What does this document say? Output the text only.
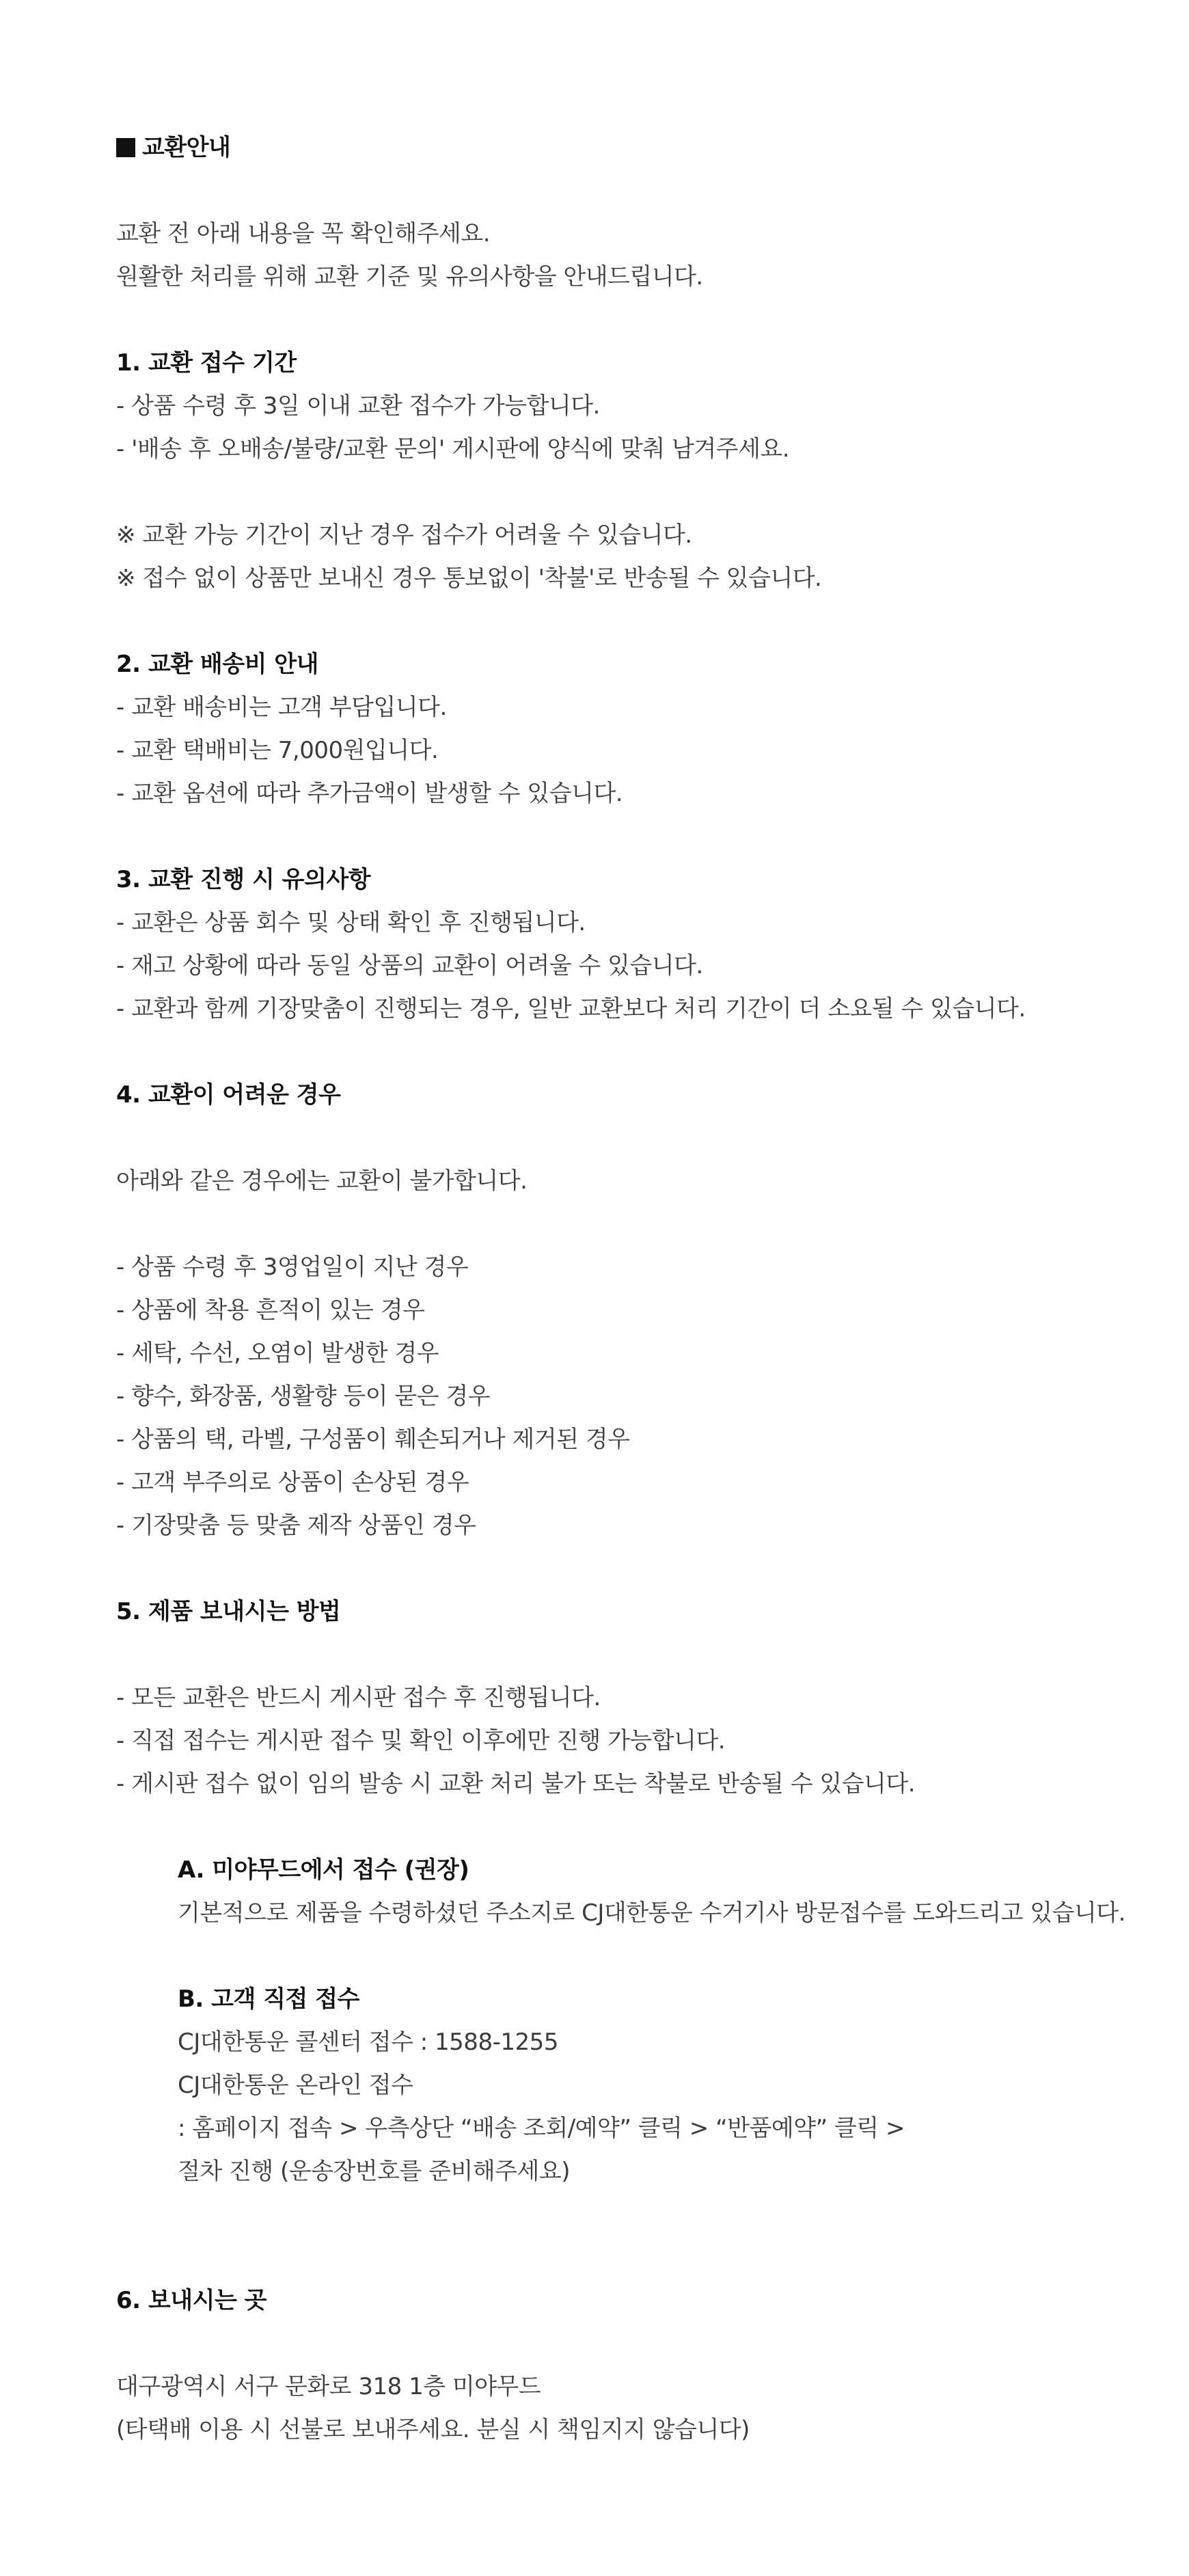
교환안내
교환 전 아래 내용을 꼭 확인해주세요.
원활한 처리를 위해 교환 기준 및 유의사항을 안내드립니다.
1. 교환 접수 기간
- 상품 수령 후 3일 이내 교환 접수가 가능합니다.
- '배송 후 오배송/불량/교환 문의' 게시판에 양식에 맞춰 남겨주세요.
※ 교환 가능 기간이 지난 경우 접수가 어려울 수 있습니다.
※ 접수 없이 상품만 보내신 경우 통보없이 '착불'로 반송될 수 있습니다.
2. 교환 배송비 안내
- 교환 배송비는 고객 부담입니다.
- 교환 택배비는 7,000원입니다.
- 교환 옵션에 따라 추가금액이 발생할 수 있습니다.
3. 교환 진행 시 유의사항
- 교환은 상품 회수 및 상태 확인 후 진행됩니다.
- 재고 상황에 따라 동일 상품의 교환이 어려울 수 있습니다.
- 교환과 함께 기장맞춤이 진행되는 경우, 일반 교환보다 처리 기간이 더 소요될 수 있습니다.
4. 교환이 어려운 경우
아래와 같은 경우에는 교환이 불가합니다.
- 상품 수령 후 3영업일이 지난 경우
- 상품에 착용 흔적이 있는 경우
- 세탁, 수선, 오염이 발생한 경우
- 향수, 화장품, 생활향 등이 묻은 경우
- 상품의 택, 라벨, 구성품이 훼손되거나 제거된 경우
- 고객 부주의로 상품이 손상된 경우
- 기장맞춤 등 맞춤 제작 상품인 경우
5. 제품 보내시는 방법
- 모든 교환은 반드시 게시판 접수 후 진행됩니다.
- 직접 접수는 게시판 접수 및 확인 이후에만 진행 가능합니다.
- 게시판 접수 없이 임의 발송 시 교환 처리 불가 또는 착불로 반송될 수 있습니다.
A. 미야무드에서 접수 (권장)
기본적으로 제품을 수령하셨던 주소지로 CJ대한통운 수거기사 방문접수를 도와드리고 있습니다.
B. 고객 직접 접수
CJ대한통운 콜센터 접수 : 1588-1255
CJ대한통운 온라인 접수
: 홈페이지 접속 > 우측상단 “배송 조회/예약” 클릭 > “반품예약” 클릭 >
절차 진행 (운송장번호를 준비해주세요)
6. 보내시는 곳
대구광역시 서구 문화로 318 1층 미야무드
(타택배 이용 시 선불로 보내주세요. 분실 시 책임지지 않습니다)
